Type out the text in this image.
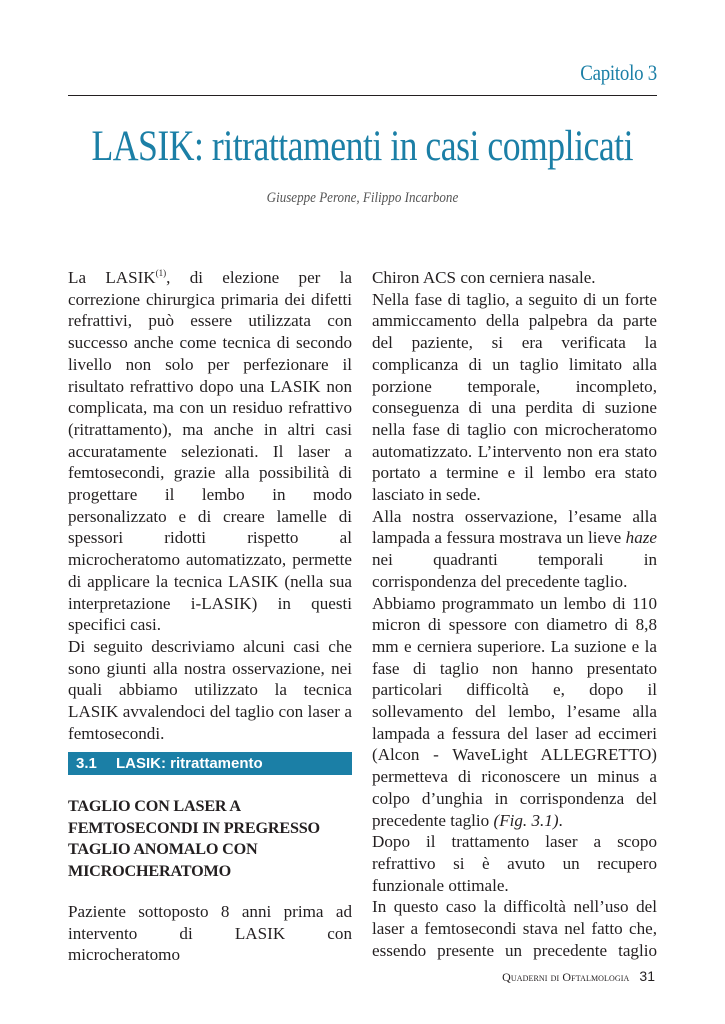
Capitolo 3
LASIK: ritrattamenti in casi complicati
Giuseppe Perone, Filippo Incarbone

La LASIK$^{(1)}$, di elezione per la correzione chirurgica primaria dei difetti refrattivi, può essere utilizzata con successo anche come tecnica di secondo livello non solo per perfezionare il risultato refrattivo dopo una LASIK non complicata, ma con un residuo refrattivo (ritrattamento), ma anche in altri casi accuratamente selezionati. Il laser a femtosecondi, grazie alla possibilità di progettare il lembo in modo personalizzato e di creare lamelle di spessori ridotti rispetto al microcheratomo automatizzato, permette di applicare la tecnica LASIK (nella sua interpretazione i-LASIK) in questi specifici casi.

Di seguito descriviamo alcuni casi che sono giunti alla nostra osservazione, nei quali abbiamo utilizzato la tecnica LASIK avvalendoci del taglio con laser a femtosecondi.

3.1 LASIK: ritrattamento
TAGLIO CON LASER A
FEMTOSECONDI IN PREGRESSO
TAGLIO ANOMALO CON
MICROCHERATOMO

Paziente sottoposto 8 anni prima ad intervento di LASIK con microcheratomo

Chiron ACS con cerniera nasale.

Nella fase di taglio, a seguito di un forte ammiccamento della palpebra da parte del paziente, si era verificata la complicanza di un taglio limitato alla porzione temporale, incompleto, conseguenza di una perdita di suzione nella fase di taglio con microcheratomo automatizzato. L’intervento non era stato portato a termine e il lembo era stato lasciato in sede.

Alla nostra osservazione, l’esame alla lampada a fessura mostrava un lieve haze nei quadranti temporali in corrispondenza del precedente taglio.

Abbiamo programmato un lembo di 110 micron di spessore con diametro di 8,8 mm e cerniera superiore. La suzione e la fase di taglio non hanno presentato particolari difficoltà e, dopo il sollevamento del lembo, l’esame alla lampada a fessura del laser ad eccimeri (Alcon - WaveLight ALLEGRETTO) permetteva di riconoscere un minus a colpo d’unghia in corrispondenza del precedente taglio (Fig. 3.1).

Dopo il trattamento laser a scopo refrattivo si è avuto un recupero funzionale ottimale.

In questo caso la difficoltà nell’uso del laser a femtosecondi stava nel fatto che, essendo presente un precedente taglio

Quaderni di Oftalmologia 31
